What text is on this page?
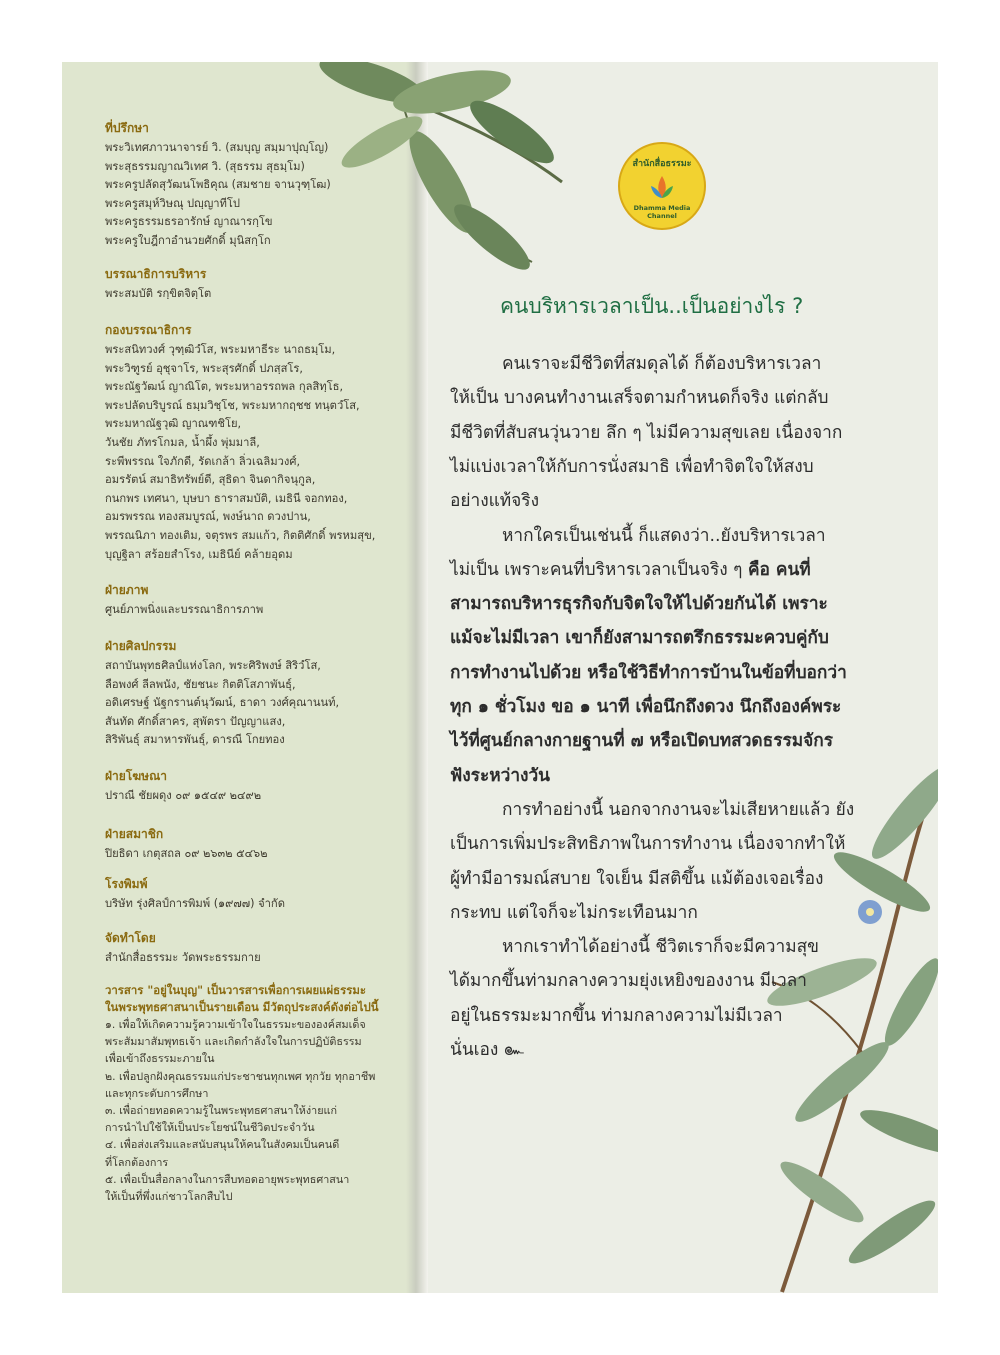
สำนักสื่อธรรมะ
Dhamma Media Channel
คนบริหารเวลาเป็น..เป็นอย่างไร ?
ที่ปรึกษา
พระวิเทศภาวนาจารย์ วิ. (สมบุญ สมฺมาปุญฺโญ)
พระสุธรรมญาณวิเทศ วิ. (สุธรรม สุธมฺโม)
พระครูปลัดสุวัฒนโพธิคุณ (สมชาย จานวุฑฺโฒ)
พระครูสมุห์วิษณุ ปญฺญาทีโป
พระครูธรรมธรอารักษ์ ญาณารกฺโข
พระครูใบฎีกาอำนวยศักดิ์ มุนิสกฺโก
บรรณาธิการบริหาร
พระสมบัติ รกฺขิตจิตฺโต
กองบรรณาธิการ
พระสนิทวงศ์ วุฑฺฒิวํโส, พระมหาธีระ นาถธมฺโม,
พระวิฑูรย์ อุชุจาโร, พระสุรศักดิ์ ปภสฺสโร,
พระณัฐวัฒน์ ญาณิโต, พระมหาอรรถพล กุลสิทฺโธ,
พระปลัดบริบูรณ์ ธมฺมวิชฺโช, พระมหากฤชช ทนฺตวํโส,
พระมหาณัฐวุฒิ ญาณฑชิโย,
วันชัย ภัทรโกมล, น้ำผึ้ง พุ่มมาลี,
ระพีพรรณ ใจภักดี, รัดเกล้า ลิ่วเฉลิมวงศ์,
อมรรัตน์ สมาธิทรัพย์ดี, สุธิดา จินดากิจนุกูล,
กนกพร เทศนา, บุษบา ธาราสมบัติ, เมธินี จอกทอง,
อมรพรรณ ทองสมบูรณ์, พงษ์นาถ ดวงปาน,
พรรณนิภา ทองเติม, จตุรพร สมแก้ว, กิตติศักดิ์ พรหมสุข,
บุญฐิลา สร้อยสำโรง, เมธินีย์ คล้ายอุดม
ฝ่ายภาพ
ศูนย์ภาพนิ่งและบรรณาธิการภาพ
ฝ่ายศิลปกรรม
สถาบันพุทธศิลป์แห่งโลก, พระศิริพงษ์ สิริวํโส,
ลือพงศ์ ลีลพนัง, ชัยชนะ กิตติโสภาพันธุ์,
อดิเศรษฐ์ นัฐกรานต์นุวัฒน์, ธาดา วงศ์คุณานนท์,
สันทัด ศักดิ์สาคร, สุพัตรา ปัญญาแสง,
สิริพันธุ์ สมาหารพันธุ์, ดารณี โกยทอง
ฝ่ายโฆษณา
ปราณี ชัยผดุง ๐๙ ๑๕๔๙ ๒๔๙๒
ฝ่ายสมาชิก
ปิยธิดา เกตุสถล ๐๙ ๒๖๓๒ ๕๔๖๒
โรงพิมพ์
บริษัท รุ่งศิลป์การพิมพ์ (๑๙๗๗) จำกัด
จัดทำโดย
สำนักสื่อธรรมะ วัดพระธรรมกาย
วารสาร "อยู่ในบุญ" เป็นวารสารเพื่อการเผยแผ่ธรรมะ
ในพระพุทธศาสนาเป็นรายเดือน มีวัตถุประสงค์ดังต่อไปนี้
๑. เพื่อให้เกิดความรู้ความเข้าใจในธรรมะขององค์สมเด็จ
พระสัมมาสัมพุทธเจ้า และเกิดกำลังใจในการปฏิบัติธรรม
เพื่อเข้าถึงธรรมะภายใน
๒. เพื่อปลูกฝังคุณธรรมแก่ประชาชนทุกเพศ ทุกวัย ทุกอาชีพ
และทุกระดับการศึกษา
๓. เพื่อถ่ายทอดความรู้ในพระพุทธศาสนาให้ง่ายแก่
การนำไปใช้ให้เป็นประโยชน์ในชีวิตประจำวัน
๔. เพื่อส่งเสริมและสนับสนุนให้คนในสังคมเป็นคนดี
ที่โลกต้องการ
๕. เพื่อเป็นสื่อกลางในการสืบทอดอายุพระพุทธศาสนา
ให้เป็นที่พึ่งแก่ชาวโลกสืบไป
คนเราจะมีชีวิตที่สมดุลได้ ก็ต้องบริหารเวลา
ให้เป็น บางคนทำงานเสร็จตามกำหนดก็จริง แต่กลับ
มีชีวิตที่สับสนวุ่นวาย ลึก ๆ ไม่มีความสุขเลย เนื่องจาก
ไม่แบ่งเวลาให้กับการนั่งสมาธิ เพื่อทำจิตใจให้สงบ
อย่างแท้จริง
หากใครเป็นเช่นนี้ ก็แสดงว่า..ยังบริหารเวลา
ไม่เป็น เพราะคนที่บริหารเวลาเป็นจริง ๆ คือ คนที่
สามารถบริหารธุรกิจกับจิตใจให้ไปด้วยกันได้ เพราะ
แม้จะไม่มีเวลา เขาก็ยังสามารถตรึกธรรมะควบคู่กับ
การทำงานไปด้วย หรือใช้วิธีทำการบ้านในข้อที่บอกว่า
ทุก ๑ ชั่วโมง ขอ ๑ นาที เพื่อนึกถึงดวง นึกถึงองค์พระ
ไว้ที่ศูนย์กลางกายฐานที่ ๗ หรือเปิดบทสวดธรรมจักร
ฟังระหว่างวัน
การทำอย่างนี้ นอกจากงานจะไม่เสียหายแล้ว ยัง
เป็นการเพิ่มประสิทธิภาพในการทำงาน เนื่องจากทำให้
ผู้ทำมีอารมณ์สบาย ใจเย็น มีสติขึ้น แม้ต้องเจอเรื่อง
กระทบ แต่ใจก็จะไม่กระเทือนมาก
หากเราทำได้อย่างนี้ ชีวิตเราก็จะมีความสุข
ได้มากขึ้นท่ามกลางความยุ่งเหยิงของงาน มีเวลา
อยู่ในธรรมะมากขึ้น ท่ามกลางความไม่มีเวลา
นั่นเอง ๛
